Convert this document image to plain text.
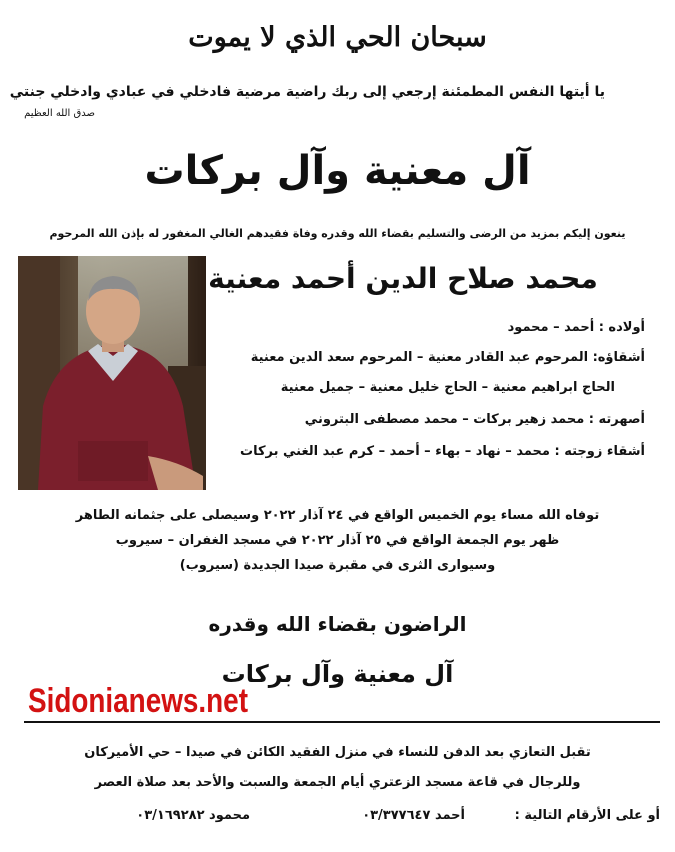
سبحان الحي الذي لا يموت
يا أيتها النفس المطمئنة إرجعي إلى ربك راضية مرضية فادخلي في عبادي وادخلي جنتي
صدق الله العظيم
آل معنية وآل بركات
ينعون إليكم بمزيد من الرضى والتسليم بقضاء الله وقدره وفاة فقيدهم الغالي المغفور له بإذن الله المرحوم
محمد صلاح الدين أحمد معنية
أولاده : أحمد – محمود
أشقاؤه: المرحوم عبد القادر معنية – المرحوم سعد الدين معنية
الحاج ابراهيم معنية – الحاج خليل معنية – جميل معنية
أصهرته : محمد زهير بركات – محمد مصطفى البتروني
أشقاء زوجته : محمد – نهاد – بهاء – أحمد – كرم عبد الغني بركات
توفاه الله مساء يوم الخميس الواقع في ٢٤ آذار ٢٠٢٢ وسيصلى على جثمانه الطاهر
ظهر يوم الجمعة الواقع في ٢٥ آذار ٢٠٢٢ في مسجد الغفران – سيروب
وسيوارى الثرى في مقبرة صيدا الجديدة (سيروب)
الراضون بقضاء الله وقدره
آل معنية وآل بركات
Sidonianews.net
تقبل التعازي بعد الدفن للنساء في منزل الفقيد الكائن في صيدا – حي الأميركان
وللرجال في قاعة مسجد الزعتري أيام الجمعة والسبت والأحد بعد صلاة العصر
أو على الأرقام التالية :
أحمد ٠٣/٣٧٧٦٤٧
محمود ٠٣/١٦٩٢٨٢
